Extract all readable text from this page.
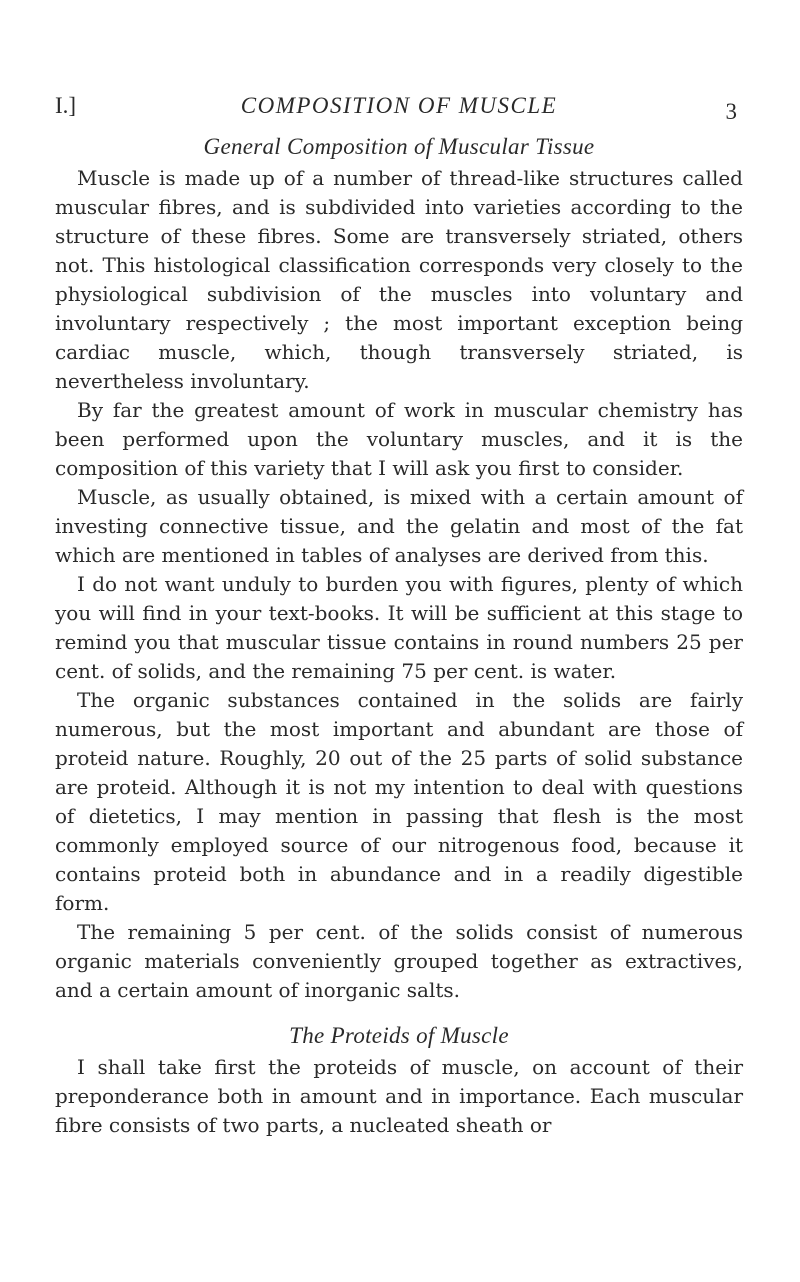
I.]	COMPOSITION OF MUSCLE	3
General Composition of Muscular Tissue

Muscle is made up of a number of thread-like structures called muscular fibres, and is subdivided into varieties according to the structure of these fibres. Some are transversely striated, others not. This histological classification corresponds very closely to the physiological subdivision of the muscles into voluntary and involuntary respectively ; the most important exception being cardiac muscle, which, though transversely striated, is nevertheless involuntary.

By far the greatest amount of work in muscular chemistry has been performed upon the voluntary muscles, and it is the composition of this variety that I will ask you first to consider.

Muscle, as usually obtained, is mixed with a certain amount of investing connective tissue, and the gelatin and most of the fat which are mentioned in tables of analyses are derived from this.

I do not want unduly to burden you with figures, plenty of which you will find in your text-books. It will be sufficient at this stage to remind you that muscular tissue contains in round numbers 25 per cent. of solids, and the remaining 75 per cent. is water.

The organic substances contained in the solids are fairly numerous, but the most important and abundant are those of proteid nature. Roughly, 20 out of the 25 parts of solid substance are proteid. Although it is not my intention to deal with questions of dietetics, I may mention in passing that flesh is the most commonly employed source of our nitrogenous food, because it contains proteid both in abundance and in a readily digestible form.

The remaining 5 per cent. of the solids consist of numerous organic materials conveniently grouped together as extractives, and a certain amount of inorganic salts.

The Proteids of Muscle

I shall take first the proteids of muscle, on account of their preponderance both in amount and in importance. Each muscular fibre consists of two parts, a nucleated sheath or
